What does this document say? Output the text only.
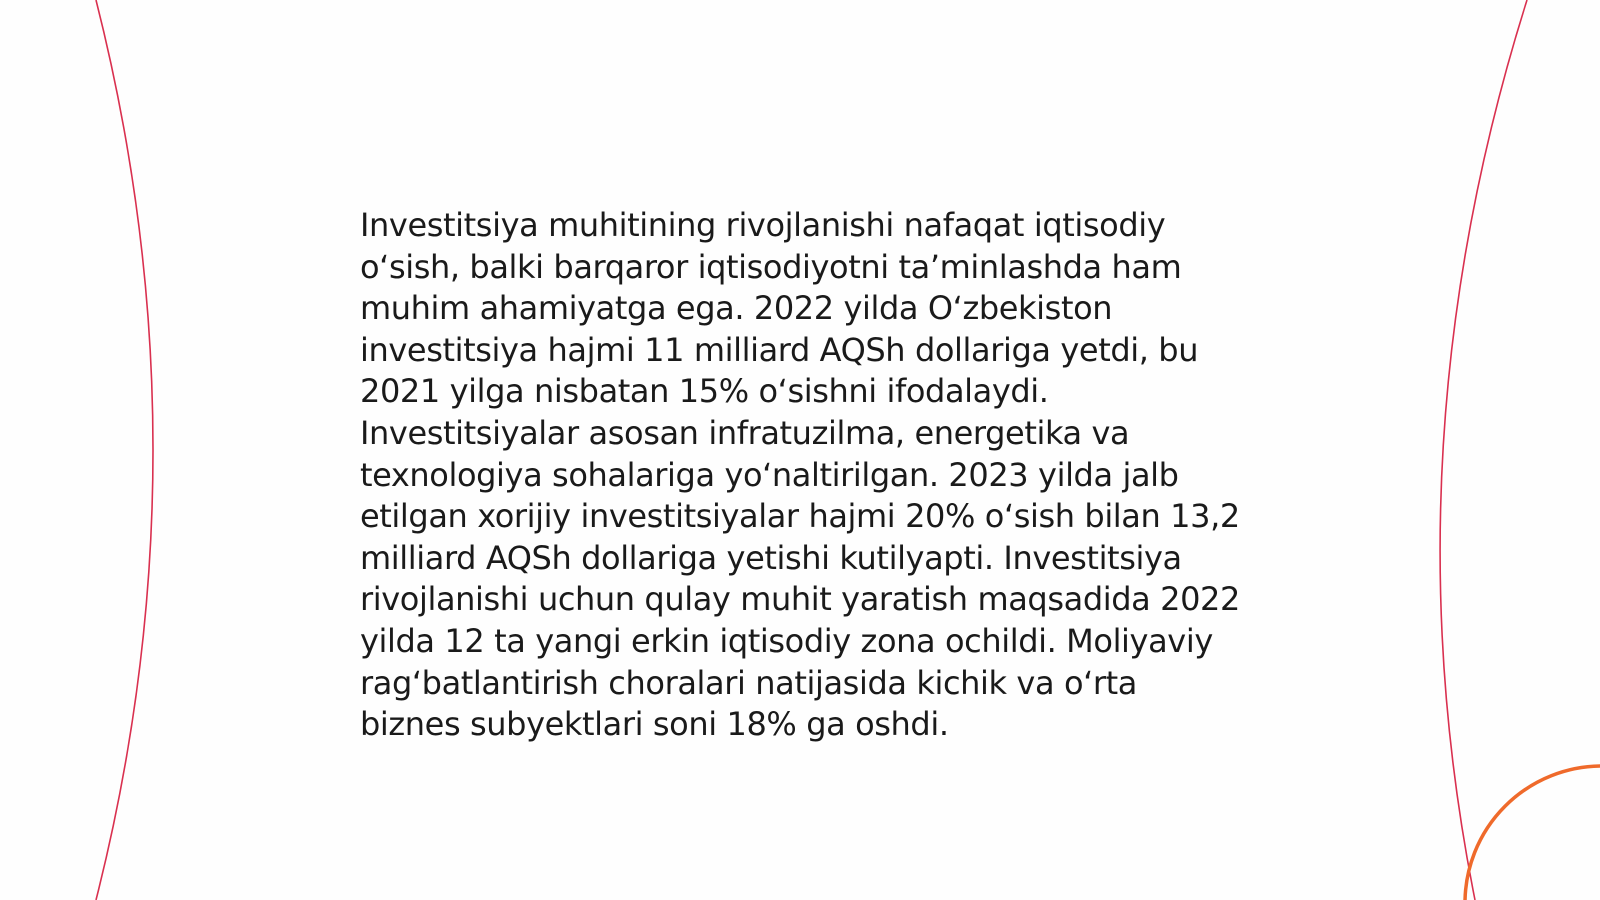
Investitsiya muhitining rivojlanishi nafaqat iqtisodiy o‘sish, balki barqaror iqtisodiyotni ta’minlashda ham muhim ahamiyatga ega. 2022 yilda O‘zbekiston investitsiya hajmi 11 milliard AQSh dollariga yetdi, bu 2021 yilga nisbatan 15% o‘sishni ifodalaydi. Investitsiyalar asosan infratuzilma, energetika va texnologiya sohalariga yo‘naltirilgan. 2023 yilda jalb etilgan xorijiy investitsiyalar hajmi 20% o‘sish bilan 13,2 milliard AQSh dollariga yetishi kutilyapti. Investitsiya rivojlanishi uchun qulay muhit yaratish maqsadida 2022 yilda 12 ta yangi erkin iqtisodiy zona ochildi. Moliyaviy rag‘batlantirish choralari natijasida kichik va o‘rta biznes subyektlari soni 18% ga oshdi.
